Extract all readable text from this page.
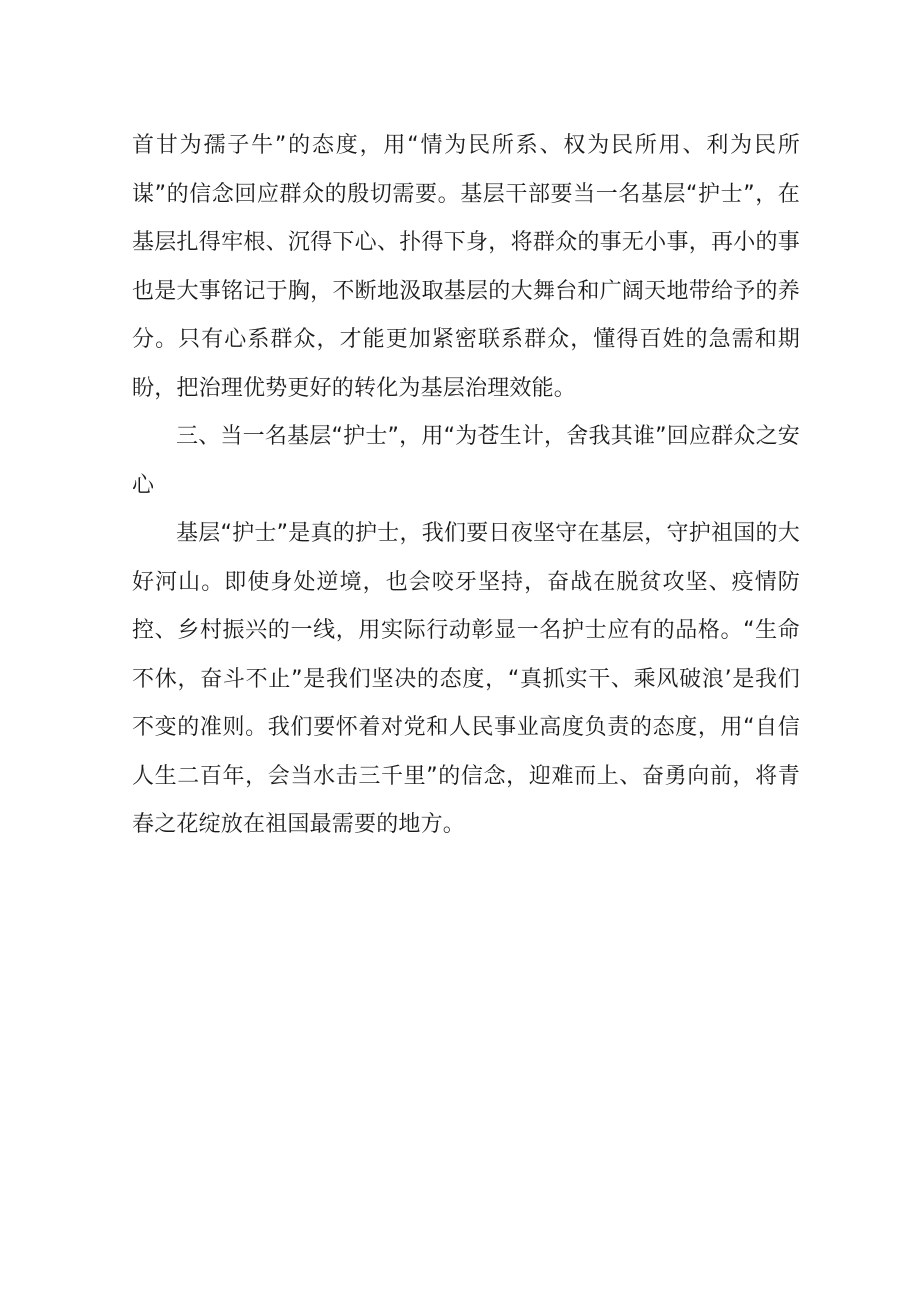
首甘为孺子牛”的态度，用“情为民所系、权为民所用、利为民所谋”的信念回应群众的殷切需要。基层干部要当一名基层“护士”，在基层扎得牢根、沉得下心、扑得下身，将群众的事无小事，再小的事也是大事铭记于胸，不断地汲取基层的大舞台和广阔天地带给予的养分。只有心系群众，才能更加紧密联系群众，懂得百姓的急需和期盼，把治理优势更好的转化为基层治理效能。

三、当一名基层“护士”，用“为苍生计，舍我其谁”回应群众之安心

基层“护士”是真的护士，我们要日夜坚守在基层，守护祖国的大好河山。即使身处逆境，也会咬牙坚持，奋战在脱贫攻坚、疫情防控、乡村振兴的一线，用实际行动彰显一名护士应有的品格。“生命不休，奋斗不止”是我们坚决的态度，“真抓实干、乘风破浪’是我们不变的准则。我们要怀着对党和人民事业高度负责的态度，用“自信人生二百年，会当水击三千里”的信念，迎难而上、奋勇向前，将青春之花绽放在祖国最需要的地方。
